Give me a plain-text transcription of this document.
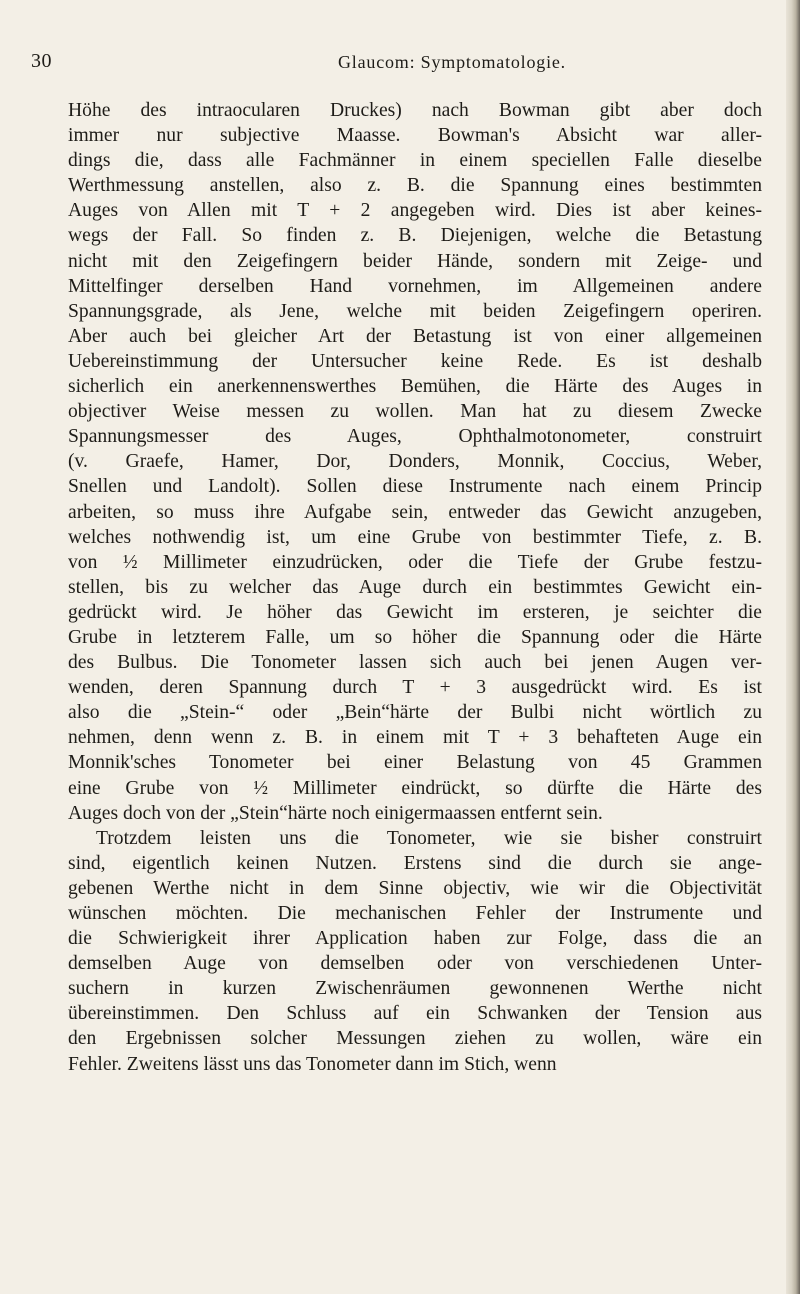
30	Glaucom: Symptomatologie.
Höhe des intraocularen Druckes) nach Bowman gibt aber doch
immer nur subjective Maasse. Bowman's Absicht war aller-
dings die, dass alle Fachmänner in einem speciellen Falle dieselbe
Werthmessung anstellen, also z. B. die Spannung eines bestimmten
Auges von Allen mit T + 2 angegeben wird. Dies ist aber keines-
wegs der Fall. So finden z. B. Diejenigen, welche die Betastung
nicht mit den Zeigefingern beider Hände, sondern mit Zeige- und
Mittelfinger derselben Hand vornehmen, im Allgemeinen andere
Spannungsgrade, als Jene, welche mit beiden Zeigefingern operiren.
Aber auch bei gleicher Art der Betastung ist von einer allgemeinen
Uebereinstimmung der Untersucher keine Rede. Es ist deshalb
sicherlich ein anerkennenswerthes Bemühen, die Härte des Auges in
objectiver Weise messen zu wollen. Man hat zu diesem Zwecke
Spannungsmesser des Auges, Ophthalmotonometer, construirt
(v. Graefe, Hamer, Dor, Donders, Monnik, Coccius, Weber,
Snellen und Landolt). Sollen diese Instrumente nach einem Princip
arbeiten, so muss ihre Aufgabe sein, entweder das Gewicht anzugeben,
welches nothwendig ist, um eine Grube von bestimmter Tiefe, z. B.
von ½ Millimeter einzudrücken, oder die Tiefe der Grube festzu-
stellen, bis zu welcher das Auge durch ein bestimmtes Gewicht ein-
gedrückt wird. Je höher das Gewicht im ersteren, je seichter die
Grube in letzterem Falle, um so höher die Spannung oder die Härte
des Bulbus. Die Tonometer lassen sich auch bei jenen Augen ver-
wenden, deren Spannung durch T + 3 ausgedrückt wird. Es ist
also die „Stein-“ oder „Bein“härte der Bulbi nicht wörtlich zu
nehmen, denn wenn z. B. in einem mit T + 3 behafteten Auge ein
Monnik'sches Tonometer bei einer Belastung von 45 Grammen
eine Grube von ½ Millimeter eindrückt, so dürfte die Härte des
Auges doch von der „Stein“härte noch einigermaassen entfernt sein.
Trotzdem leisten uns die Tonometer, wie sie bisher construirt
sind, eigentlich keinen Nutzen. Erstens sind die durch sie ange-
gebenen Werthe nicht in dem Sinne objectiv, wie wir die Objectivität
wünschen möchten. Die mechanischen Fehler der Instrumente und
die Schwierigkeit ihrer Application haben zur Folge, dass die an
demselben Auge von demselben oder von verschiedenen Unter-
suchern in kurzen Zwischenräumen gewonnenen Werthe nicht
übereinstimmen. Den Schluss auf ein Schwanken der Tension aus
den Ergebnissen solcher Messungen ziehen zu wollen, wäre ein
Fehler. Zweitens lässt uns das Tonometer dann im Stich, wenn
